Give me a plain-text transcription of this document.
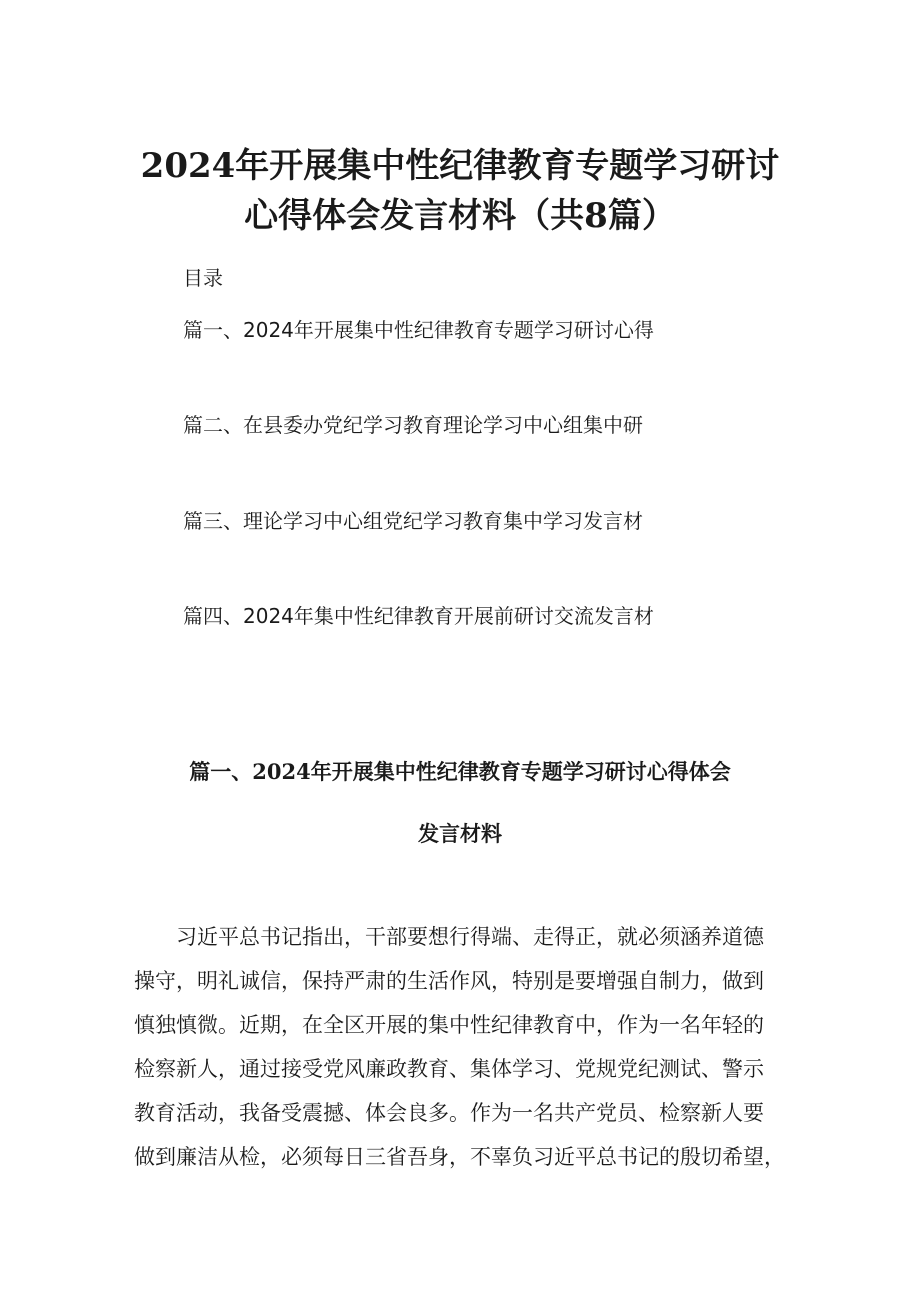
2024年开展集中性纪律教育专题学习研讨
心得体会发言材料（共8篇）
目录
篇一、2024年开展集中性纪律教育专题学习研讨心得
篇二、在县委办党纪学习教育理论学习中心组集中研
篇三、理论学习中心组党纪学习教育集中学习发言材
篇四、2024年集中性纪律教育开展前研讨交流发言材
篇一、2024年开展集中性纪律教育专题学习研讨心得体会
发言材料
习近平总书记指出，干部要想行得端、走得正，就必须涵养道德
操守，明礼诚信，保持严肃的生活作风，特别是要增强自制力，做到
慎独慎微。近期，在全区开展的集中性纪律教育中，作为一名年轻的
检察新人，通过接受党风廉政教育、集体学习、党规党纪测试、警示
教育活动，我备受震撼、体会良多。作为一名共产党员、检察新人要
做到廉洁从检，必须每日三省吾身，不辜负习近平总书记的殷切希望，
